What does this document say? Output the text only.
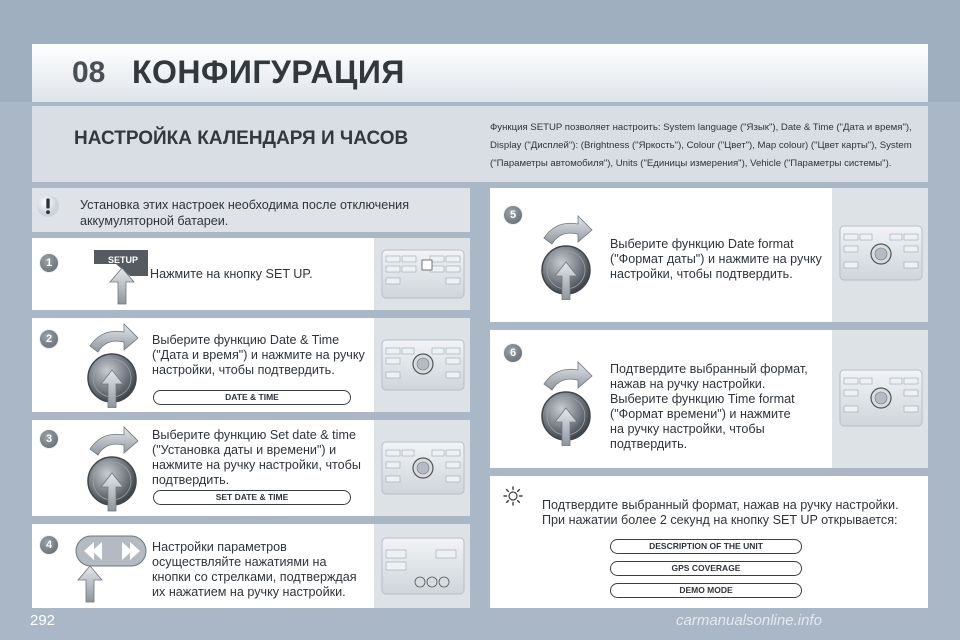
08 КОНФИГУРАЦИЯ
НАСТРОЙКА КАЛЕНДАРЯ И ЧАСОВ
Функция SETUP позволяет настроить: System language ("Язык"), Date & Time ("Дата и время"),
Display ("Дисплей"): (Brightness ("Яркость"), Colour ("Цвет"), Map colour) ("Цвет карты"), System
("Параметры автомобиля"), Units ("Единицы измерения"), Vehicle ("Параметры системы").
Установка этих настроек необходима после отключения
аккумуляторной батареи.
1	SETUP
Нажмите на кнопку SET UP.
2	Выберите функцию Date & Time
("Дата и время") и нажмите на ручку
настройки, чтобы подтвердить.
DATE & TIME
3	Выберите функцию Set date & time
("Установка даты и времени") и
нажмите на ручку настройки, чтобы
подтвердить.
SET DATE & TIME
4	Настройки параметров
осуществляйте нажатиями на
кнопки со стрелками, подтверждая
их нажатием на ручку настройки.
5
Выберите функцию Date format
("Формат даты") и нажмите на ручку
настройки, чтобы подтвердить.
6
Подтвердите выбранный формат,
нажав на ручку настройки.
Выберите функцию Time format
("Формат времени") и нажмите
на ручку настройки, чтобы
подтвердить.
Подтвердите выбранный формат, нажав на ручку настройки.
При нажатии более 2 секунд на кнопку SET UP открывается:
DESCRIPTION OF THE UNIT
GPS COVERAGE
DEMO MODE
292	carmanualsonline.info
